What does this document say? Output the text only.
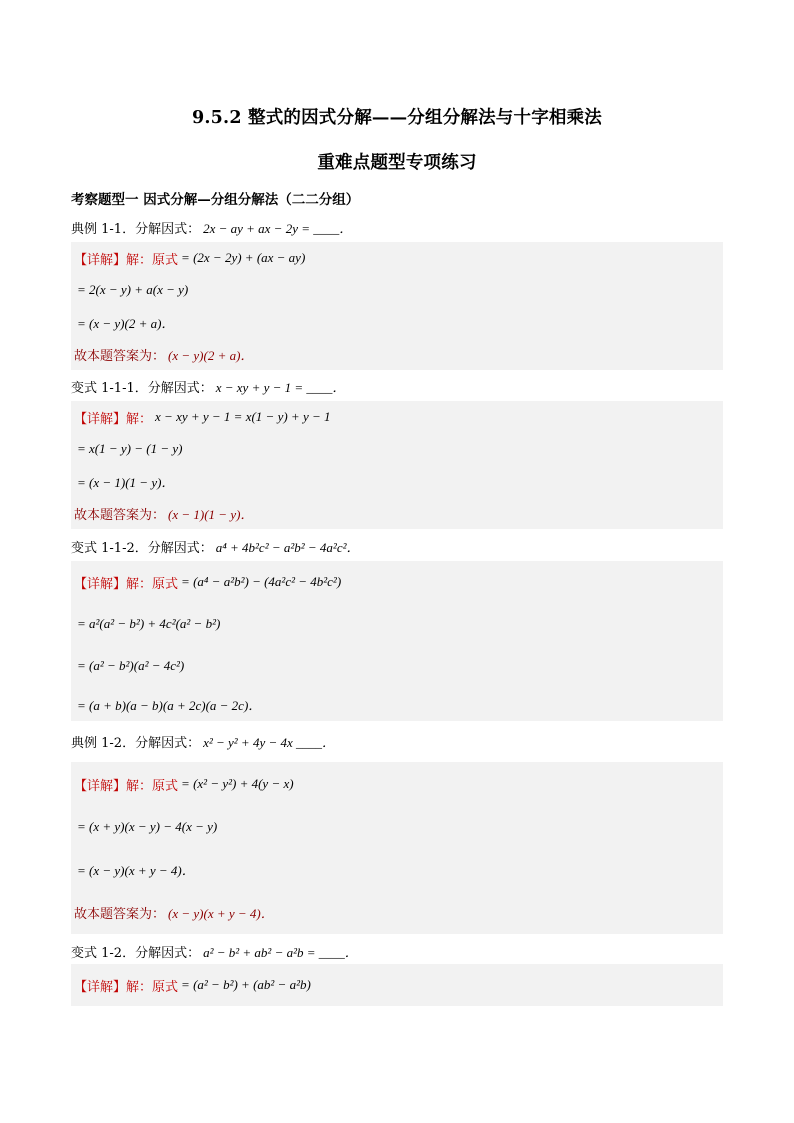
9.5.2 整式的因式分解——分组分解法与十字相乘法
重难点题型专项练习
考察题型一 因式分解—分组分解法（二二分组）
典例 1-1．分解因式： 2x − ay + ax − 2y = ____．
【详解】 解： 原式 = (2x − 2y) + (ax − ay)
= 2(x − y) + a(x − y)
= (x − y)(2 + a)．
故本题答案为： (x − y)(2 + a)．
变式 1-1-1．分解因式： x − xy + y − 1 = ____．
【详解】 解： x − xy + y − 1 = x(1 − y) + y − 1
= x(1 − y) − (1 − y)
= (x − 1)(1 − y)．
故本题答案为： (x − 1)(1 − y)．
变式 1-1-2．分解因式： a⁴ + 4b²c² − a²b² − 4a²c²．
【详解】 解： 原式 = (a⁴ − a²b²) − (4a²c² − 4b²c²)
= a²(a² − b²) + 4c²(a² − b²)
= (a² − b²)(a² − 4c²)
= (a + b)(a − b)(a + 2c)(a − 2c)．
典例 1-2．分解因式： x² − y² + 4y − 4x ____．
【详解】 解： 原式 = (x² − y²) + 4(y − x)
= (x + y)(x − y) − 4(x − y)
= (x − y)(x + y − 4)．
故本题答案为： (x − y)(x + y − 4)．
变式 1-2．分解因式： a² − b² + ab² − a²b = ____．
【详解】 解： 原式 = (a² − b²) + (ab² − a²b)
